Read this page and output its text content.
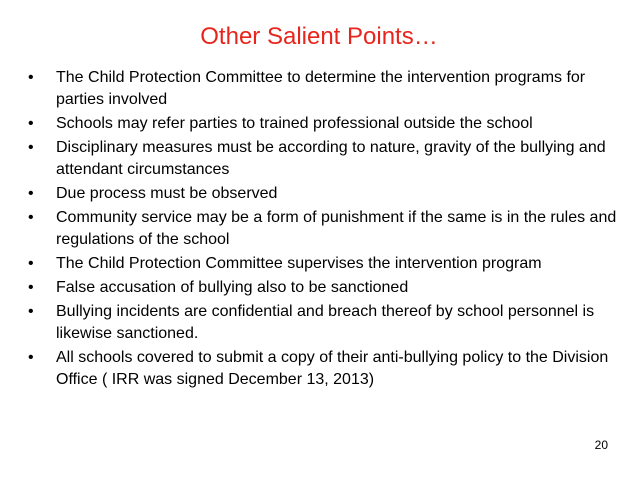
Other Salient Points…
•	The Child Protection Committee to determine the intervention programs for parties involved
•	Schools may refer parties to trained professional outside the school
•	Disciplinary measures must be according to nature, gravity of the bullying and attendant circumstances
•	Due process must be observed
•	Community service may be a form of punishment if the same is in the rules and regulations of the school
•	The Child Protection Committee supervises the intervention program
•	False accusation of bullying also to be sanctioned
•	Bullying incidents are confidential and breach thereof by school personnel is likewise sanctioned.
•	All schools covered to submit a copy of their anti-bullying policy to the Division Office ( IRR was signed December 13, 2013)
20
